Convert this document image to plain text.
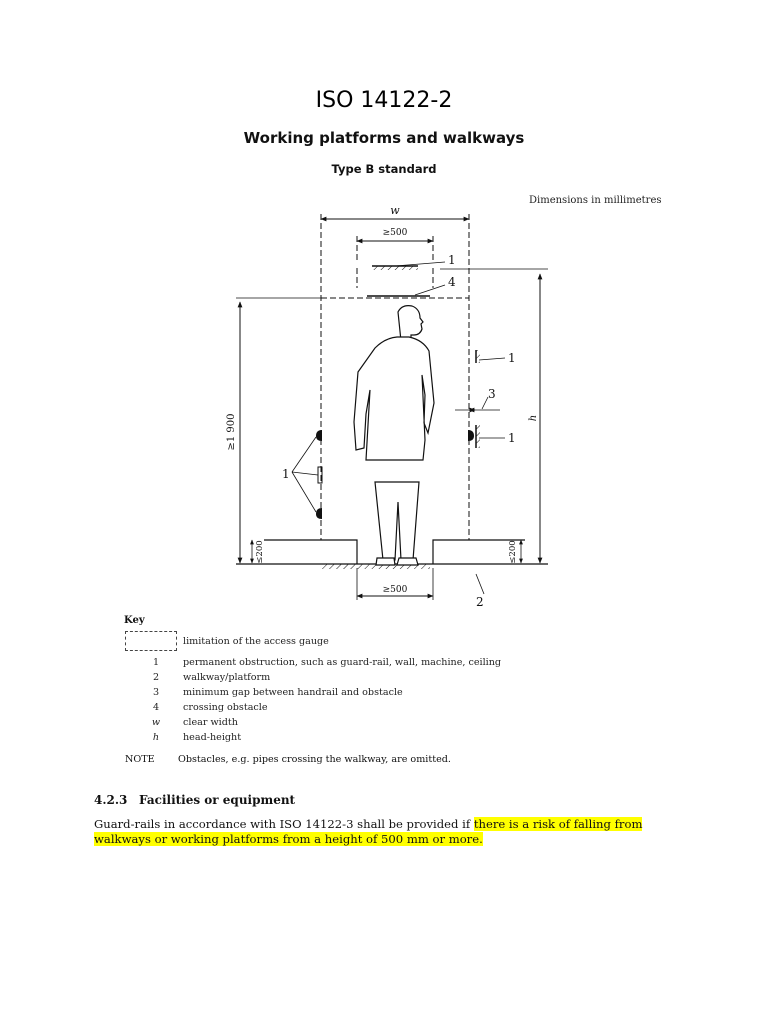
ISO 14122-2
Working platforms and walkways
Type B standard
Dimensions in millimetres
w
≥500
1
4
h
≥1 900
≤200	≤200
≥500
2
1
1
3
1
Key
limitation of the access gauge
1	permanent obstruction, such as guard-rail, wall, machine, ceiling
2	walkway/platform
3	minimum gap between handrail and obstacle
4	crossing obstacle
w	clear width
h	head-height
NOTE Obstacles, e.g. pipes crossing the walkway, are omitted.
4.2.3 Facilities or equipment
Guard-rails in accordance with ISO 14122-3 shall be provided if there is a risk of falling from walkways or working platforms from a height of 500 mm or more.
